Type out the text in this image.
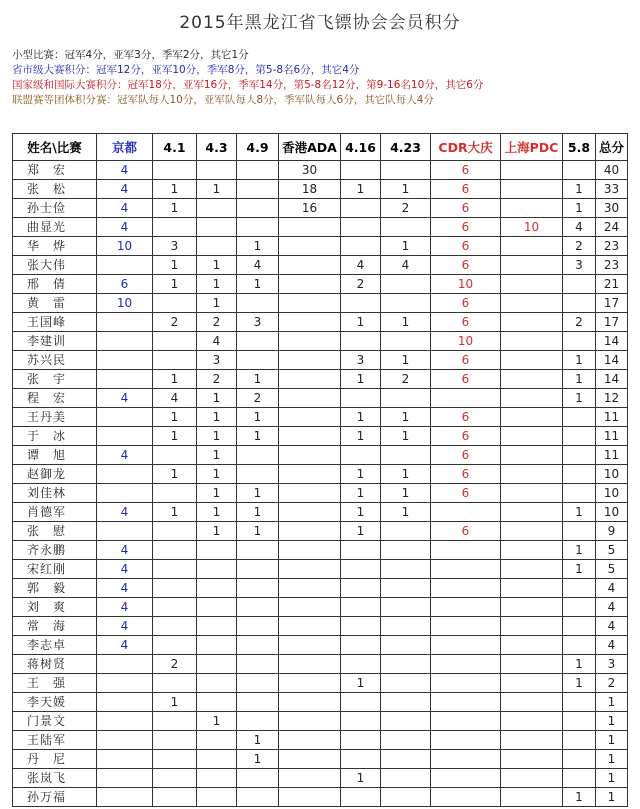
2015年黑龙江省飞镖协会会员积分
小型比赛：冠军4分，亚军3分，季军2分，其它1分
省市级大赛积分：冠军12分，亚军10分，季军8分，第5-8名6分，其它4分
国家级和国际大赛积分：冠军18分，亚军16分，季军14分，第5-8名12分，第9-16名10分，其它6分
联盟赛等团体积分赛：冠军队每人10分，亚军队每人8分，季军队每人6分，其它队每人4分
姓名\比赛	京都	4.1	4.3	4.9	香港ADA	4.16	4.23	CDR大庆	上海PDC	5.8	总分
郑　宏	4				30			6			40
张　松	4	1	1		18	1	1	6		1	33
孙士俭	4	1			16		2	6		1	30
曲显光	4							6	10	4	24
华　烨	10	3		1			1	6		2	23
张大伟		1	1	4		4	4	6		3	23
邢　倩	6	1	1	1		2		10			21
黄　雷	10		1					6			17
王国峰		2	2	3		1	1	6		2	17
李建训			4					10			14
苏兴民			3			3	1	6		1	14
张　宇		1	2	1		1	2	6		1	14
程　宏	4	4	1	2						1	12
王丹美		1	1	1		1	1	6			11
于　冰		1	1	1		1	1	6			11
谭　旭	4		1					6			11
赵御龙		1	1			1	1	6			10
刘佳林			1	1		1	1	6			10
肖德军	4	1	1	1		1	1			1	10
张　慰			1	1		1		6			9
齐永鹏	4									1	5
宋红刚	4									1	5
郭　毅	4										4
刘　爽	4										4
常　海	4										4
李志卓	4										4
蒋树贤		2								1	3
王　强						1				1	2
李天媛		1									1
门景文			1								1
王陆军				1							1
丹　尼				1							1
张岚飞						1					1
孙万福										1	1
